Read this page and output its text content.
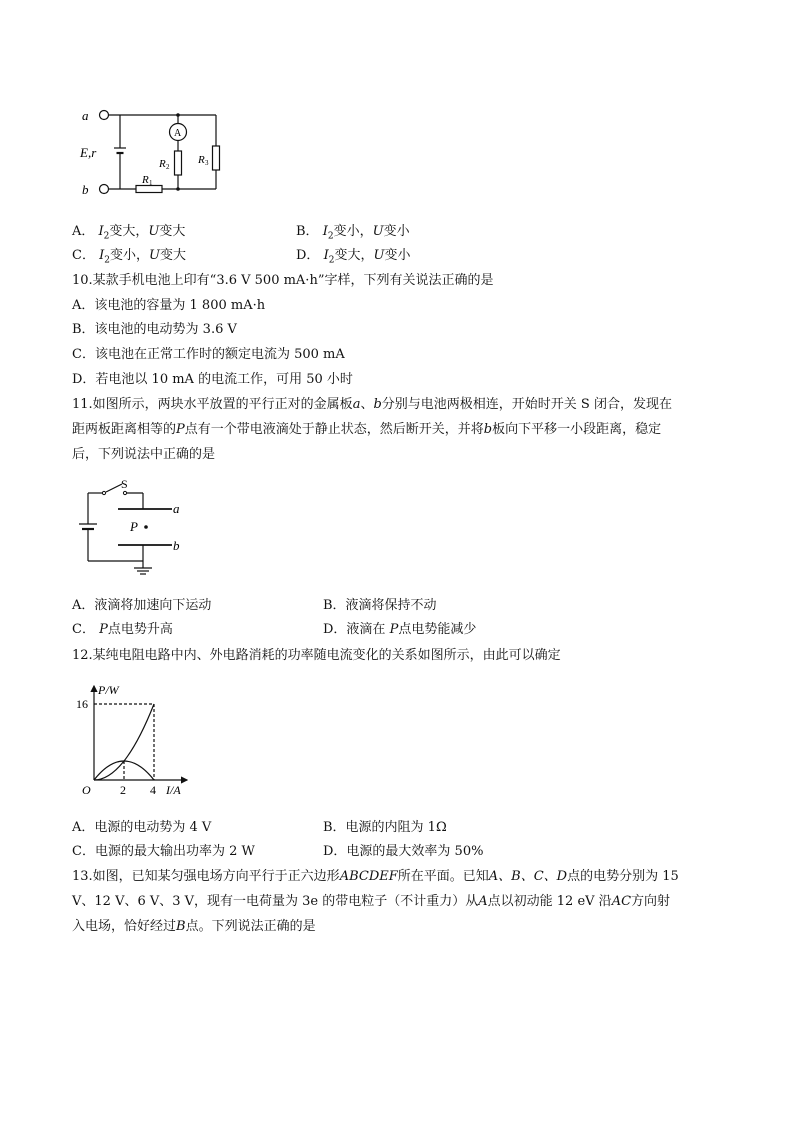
a
b
E,r
A
R 1
R 2
R 3
A． $I_2$变大，U变大	B． $I_2$变小，U变小
C． $I_2$变小，U变大	D． $I_2$变大，U变小
10.某款手机电池上印有“3.6 V 500 mA·h”字样，下列有关说法正确的是
A．该电池的容量为 1 800 mA·h
B．该电池的电动势为 3.6 V
C．该电池在正常工作时的额定电流为 500 mA
D．若电池以 10 mA 的电流工作，可用 50 小时
11.如图所示，两块水平放置的平行正对的金属板a、b分别与电池两极相连，开始时开关 S 闭合，发现在
距两板距离相等的P点有一个带电液滴处于静止状态，然后断开关，并将b板向下平移一小段距离，稳定
后，下列说法中正确的是
S
P
a
b
A．液滴将加速向下运动	B．液滴将保持不动
C． P点电势升高	D．液滴在 P点电势能减少
12.某纯电阻电路中内、外电路消耗的功率随电流变化的关系如图所示，由此可以确定
P/W
16
O 2 4 I/A
A．电源的电动势为 4 V	B．电源的内阻为 1Ω
C．电源的最大输出功率为 2 W	D．电源的最大效率为 50%
13.如图，已知某匀强电场方向平行于正六边形ABCDEF所在平面。已知A、B、C、D点的电势分别为 15
V、12 V、6 V、3 V，现有一电荷量为 3e 的带电粒子（不计重力）从A点以初动能 12 eV 沿AC方向射
入电场，恰好经过B点。下列说法正确的是
